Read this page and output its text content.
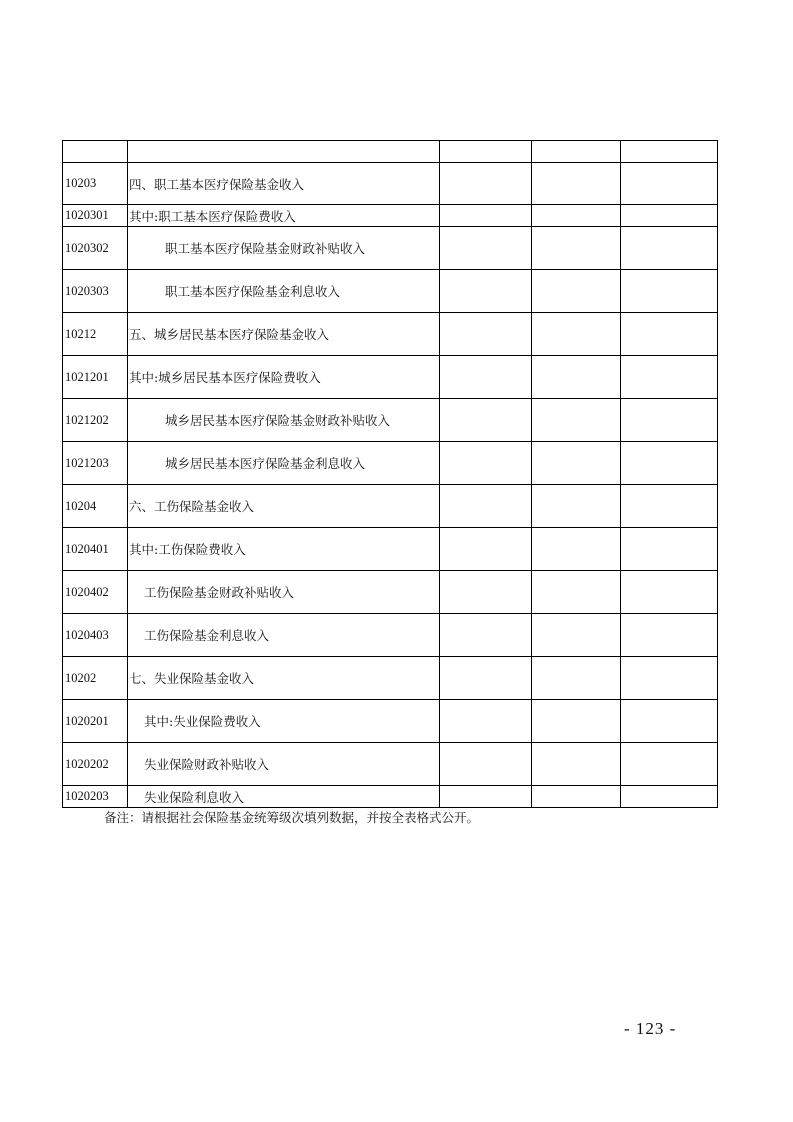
10203	四、职工基本医疗保险基金收入			
1020301	其中:职工基本医疗保险费收入			
1020302	职工基本医疗保险基金财政补贴收入			
1020303	职工基本医疗保险基金利息收入			
10212	五、城乡居民基本医疗保险基金收入			
1021201	其中:城乡居民基本医疗保险费收入			
1021202	城乡居民基本医疗保险基金财政补贴收入			
1021203	城乡居民基本医疗保险基金利息收入			
10204	六、工伤保险基金收入			
1020401	其中:工伤保险费收入			
1020402	工伤保险基金财政补贴收入			
1020403	工伤保险基金利息收入			
10202	七、失业保险基金收入			
1020201	其中:失业保险费收入			
1020202	失业保险财政补贴收入			
1020203	失业保险利息收入			
备注：请根据社会保险基金统筹级次填列数据，并按全表格式公开。
- 123 -
